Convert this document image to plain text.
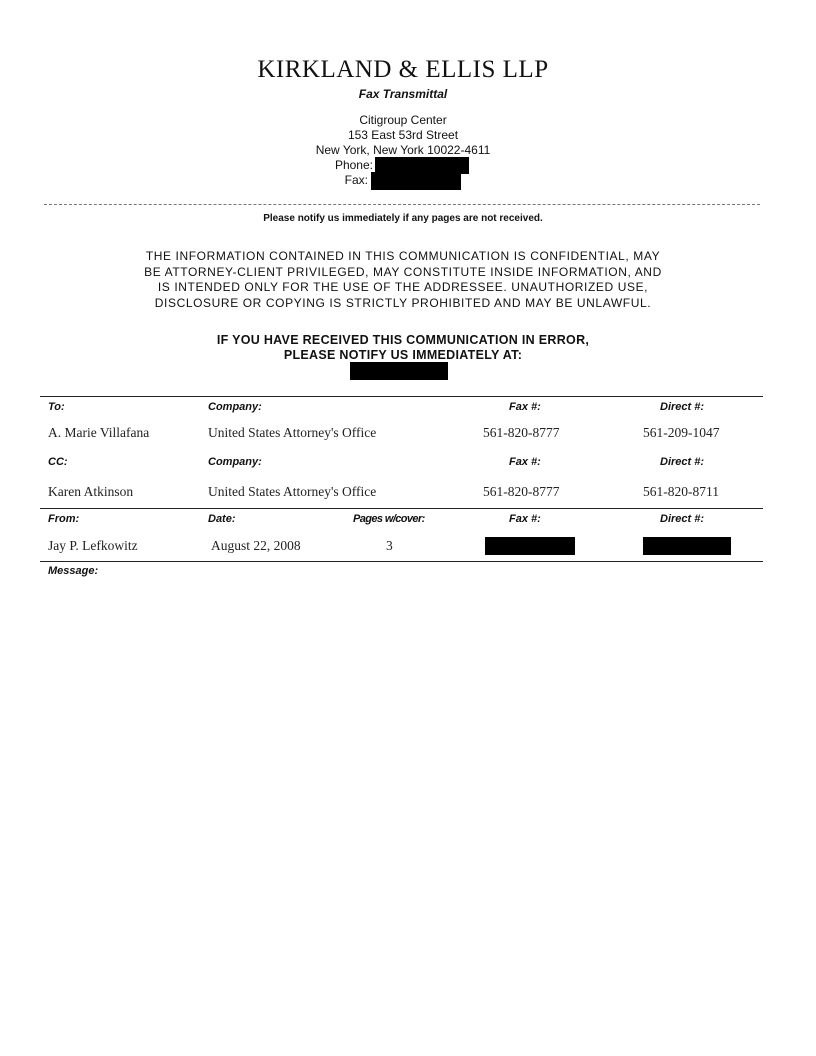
KIRKLAND & ELLIS LLP
Fax Transmittal
Citigroup Center
153 East 53rd Street
New York, New York 10022-4611
Phone:
Fax:
Please notify us immediately if any pages are not received.
THE INFORMATION CONTAINED IN THIS COMMUNICATION IS CONFIDENTIAL, MAY
BE ATTORNEY-CLIENT PRIVILEGED, MAY CONSTITUTE INSIDE INFORMATION, AND
IS INTENDED ONLY FOR THE USE OF THE ADDRESSEE. UNAUTHORIZED USE,
DISCLOSURE OR COPYING IS STRICTLY PROHIBITED AND MAY BE UNLAWFUL.
IF YOU HAVE RECEIVED THIS COMMUNICATION IN ERROR,
PLEASE NOTIFY US IMMEDIATELY AT:
To:	Company:	Fax #:	Direct #:
A. Marie Villafana	United States Attorney's Office	561-820-8777	561-209-1047
CC:	Company:	Fax #:	Direct #:
Karen Atkinson	United States Attorney's Office	561-820-8777	561-820-8711
From:	Date:	Pages w/cover:	Fax #:	Direct #:
Jay P. Lefkowitz	August 22, 2008	3
Message:
